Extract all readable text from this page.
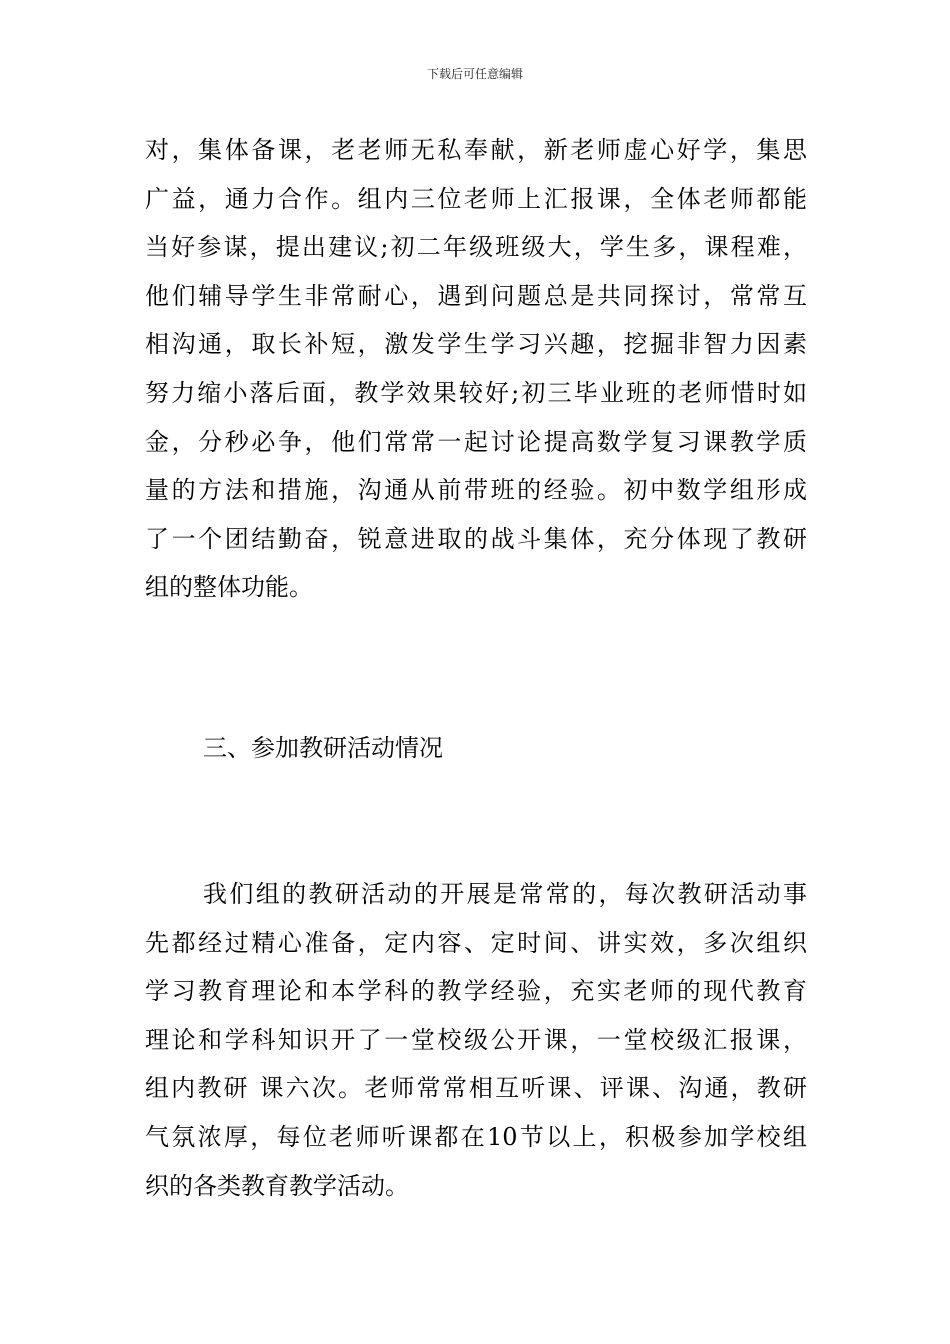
下载后可任意编辑
对，集体备课，老老师无私奉献，新老师虚心好学，集思
广益，通力合作。组内三位老师上汇报课，全体老师都能
当好参谋，提出建议;初二年级班级大，学生多，课程难，
他们辅导学生非常耐心，遇到问题总是共同探讨，常常互
相沟通，取长补短，激发学生学习兴趣，挖掘非智力因素
努力缩小落后面，教学效果较好;初三毕业班的老师惜时如
金，分秒必争，他们常常一起讨论提高数学复习课教学质
量的方法和措施，沟通从前带班的经验。初中数学组形成
了一个团结勤奋，锐意进取的战斗集体，充分体现了教研
组的整体功能。
三、参加教研活动情况
我们组的教研活动的开展是常常的，每次教研活动事
先都经过精心准备，定内容、定时间、讲实效，多次组织
学习教育理论和本学科的教学经验，充实老师的现代教育
理论和学科知识开了一堂校级公开课，一堂校级汇报课，
组内教研 课六次。老师常常相互听课、评课、沟通，教研
气氛浓厚，每位老师听课都在10节以上，积极参加学校组
织的各类教育教学活动。
